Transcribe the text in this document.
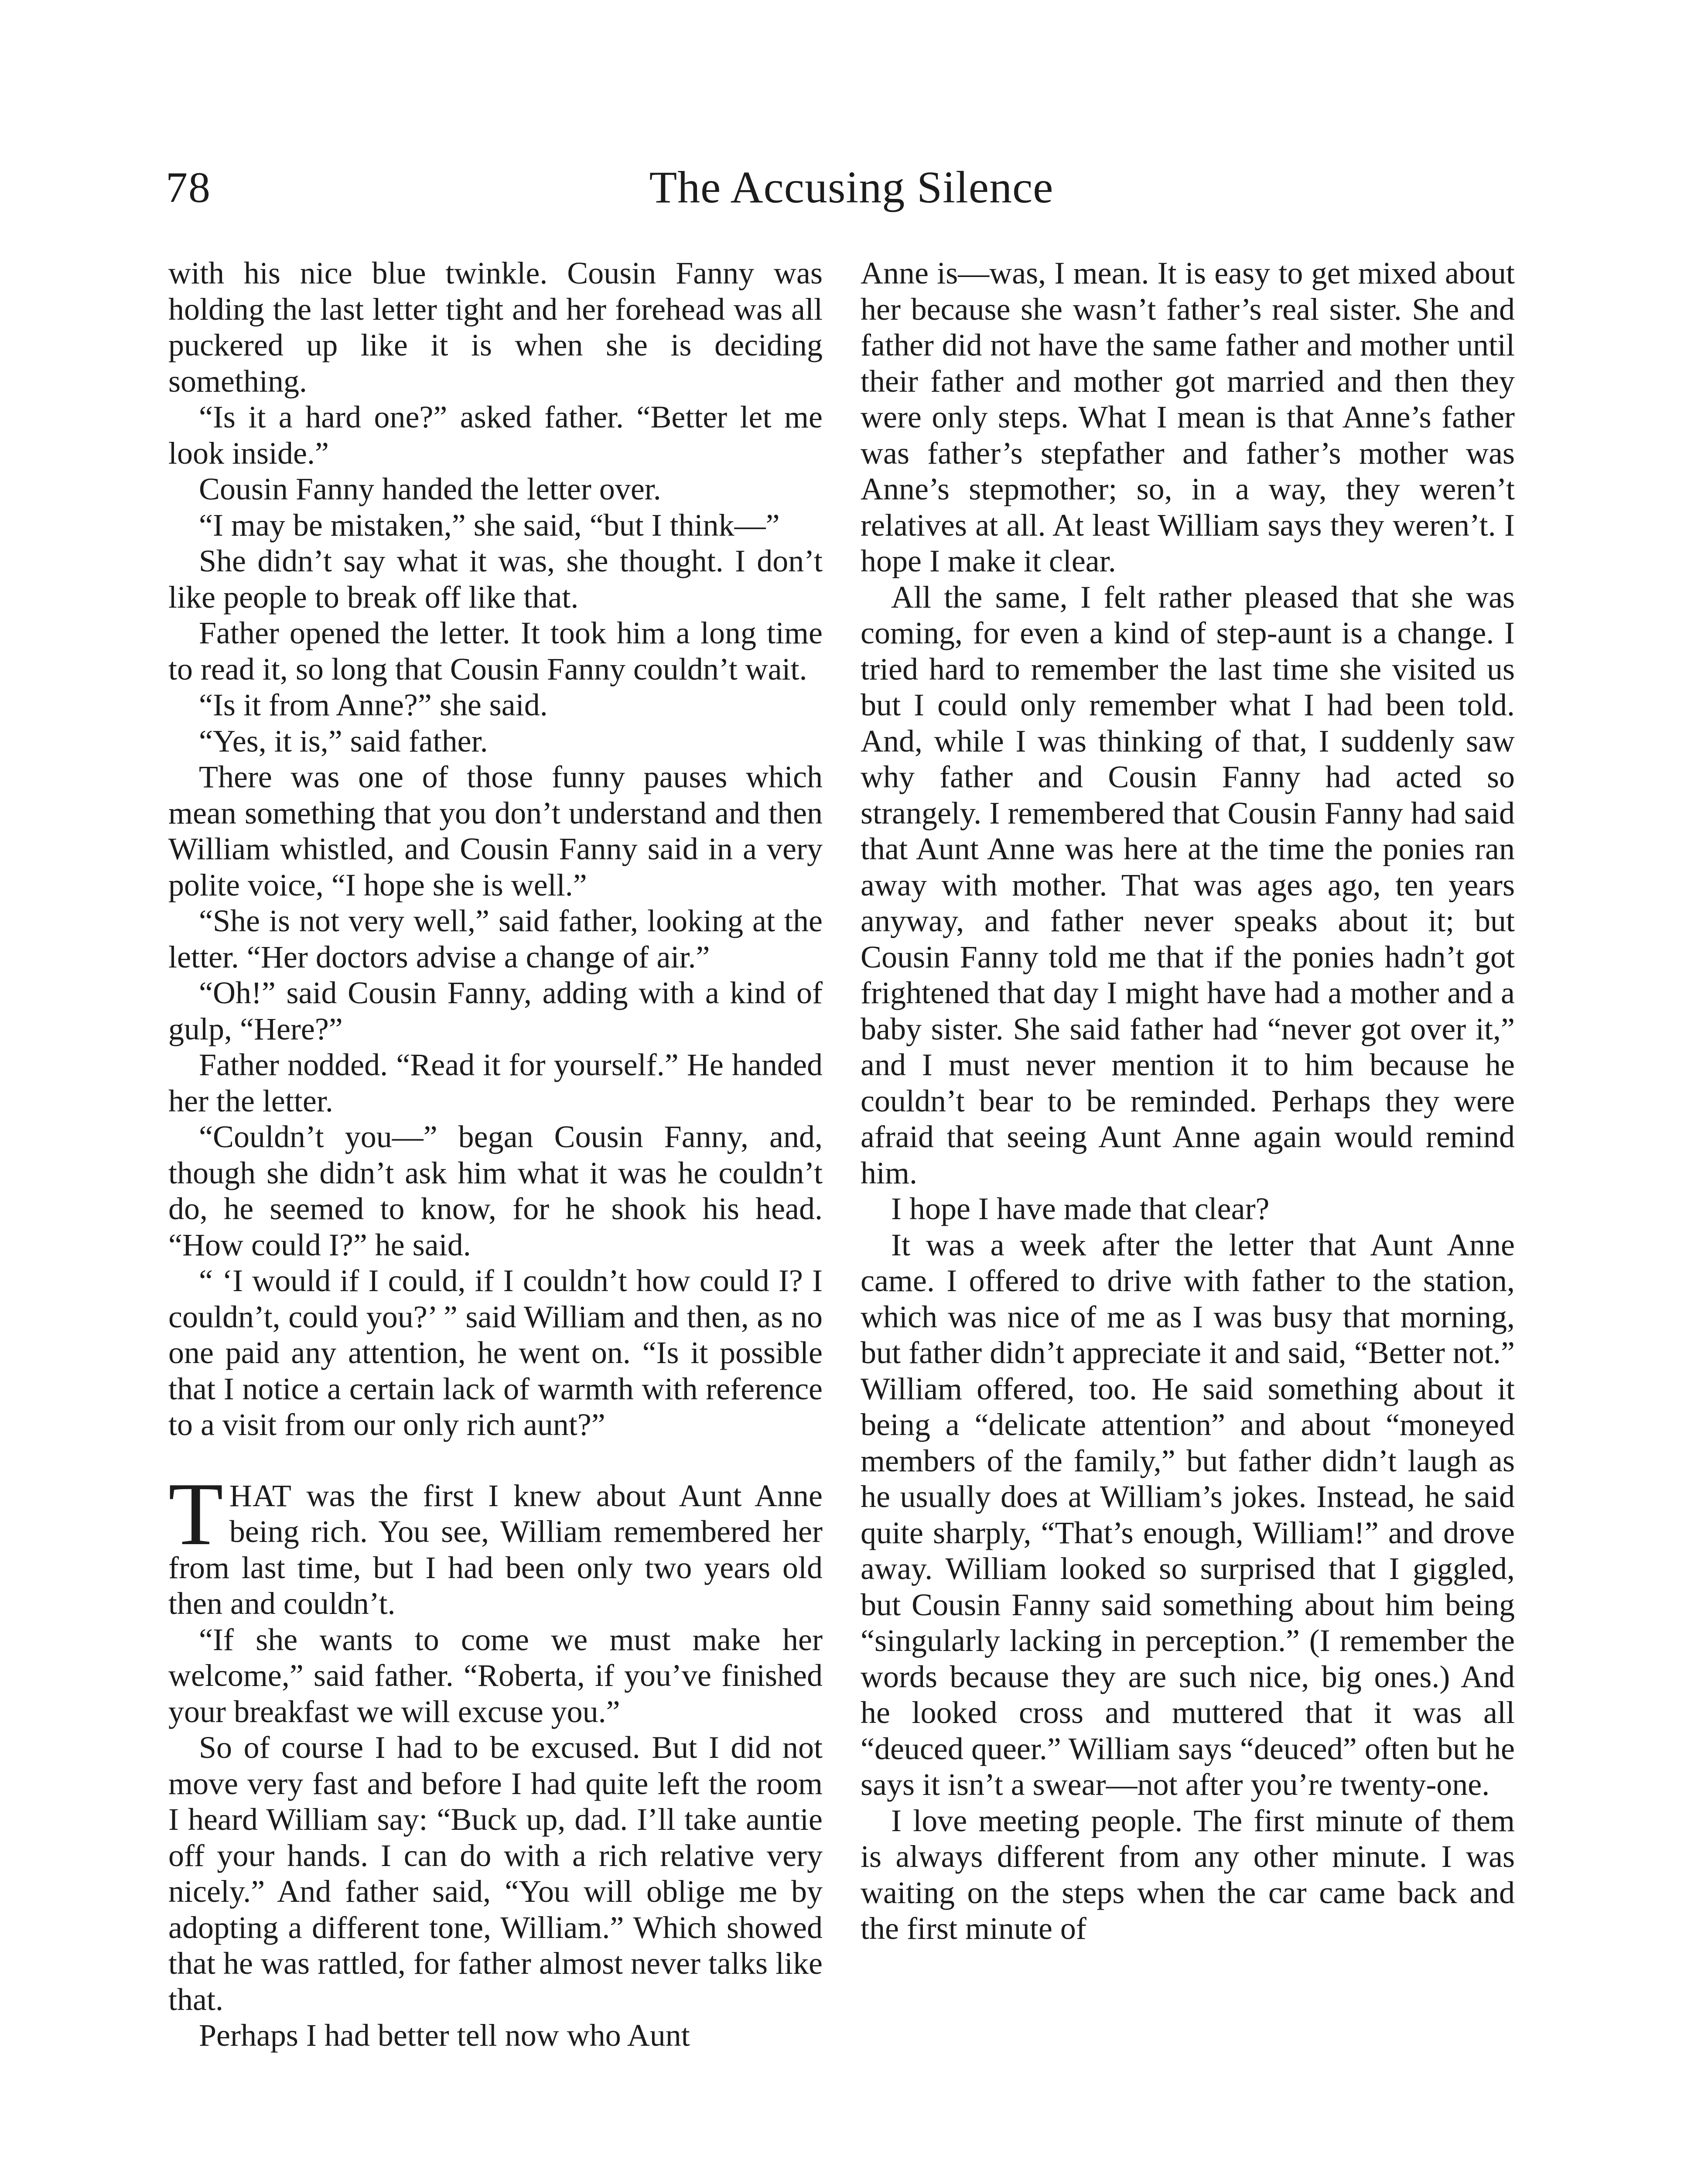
78	The Accusing Silence

with his nice blue twinkle. Cousin Fanny was holding the last letter tight and her forehead was all puckered up like it is when she is deciding something.

“Is it a hard one?” asked father. “Better let me look inside.”

Cousin Fanny handed the letter over.

“I may be mistaken,” she said, “but I think—”

She didn’t say what it was, she thought. I don’t like people to break off like that.

Father opened the letter. It took him a long time to read it, so long that Cousin Fanny couldn’t wait.

“Is it from Anne?” she said.

“Yes, it is,” said father.

There was one of those funny pauses which mean something that you don’t understand and then William whistled, and Cousin Fanny said in a very polite voice, “I hope she is well.”

“She is not very well,” said father, looking at the letter. “Her doctors advise a change of air.”

“Oh!” said Cousin Fanny, adding with a kind of gulp, “Here?”

Father nodded. “Read it for yourself.” He handed her the letter.

“Couldn’t you—” began Cousin Fanny, and, though she didn’t ask him what it was he couldn’t do, he seemed to know, for he shook his head. “How could I?” he said.

“ ‘I would if I could, if I couldn’t how could I? I couldn’t, could you?’ ” said William and then, as no one paid any attention, he went on. “Is it possible that I notice a certain lack of warmth with reference to a visit from our only rich aunt?”

THAT was the first I knew about Aunt Anne being rich. You see, William remembered her from last time, but I had been only two years old then and couldn’t.

“If she wants to come we must make her welcome,” said father. “Roberta, if you’ve finished your breakfast we will excuse you.”

So of course I had to be excused. But I did not move very fast and before I had quite left the room I heard William say: “Buck up, dad. I’ll take auntie off your hands. I can do with a rich relative very nicely.” And father said, “You will oblige me by adopting a different tone, William.” Which showed that he was rattled, for father almost never talks like that.

Perhaps I had better tell now who Aunt

Anne is—was, I mean. It is easy to get mixed about her because she wasn’t father’s real sister. She and father did not have the same father and mother until their father and mother got married and then they were only steps. What I mean is that Anne’s father was father’s stepfather and father’s mother was Anne’s stepmother; so, in a way, they weren’t relatives at all. At least William says they weren’t. I hope I make it clear.

All the same, I felt rather pleased that she was coming, for even a kind of step-aunt is a change. I tried hard to remember the last time she visited us but I could only remember what I had been told. And, while I was thinking of that, I suddenly saw why father and Cousin Fanny had acted so strangely. I remembered that Cousin Fanny had said that Aunt Anne was here at the time the ponies ran away with mother. That was ages ago, ten years anyway, and father never speaks about it; but Cousin Fanny told me that if the ponies hadn’t got frightened that day I might have had a mother and a baby sister. She said father had “never got over it,” and I must never mention it to him because he couldn’t bear to be reminded. Perhaps they were afraid that seeing Aunt Anne again would remind him.

I hope I have made that clear?

It was a week after the letter that Aunt Anne came. I offered to drive with father to the station, which was nice of me as I was busy that morning, but father didn’t appreciate it and said, “Better not.” William offered, too. He said something about it being a “delicate attention” and about “moneyed members of the family,” but father didn’t laugh as he usually does at William’s jokes. Instead, he said quite sharply, “That’s enough, William!” and drove away. William looked so surprised that I giggled, but Cousin Fanny said something about him being “singularly lacking in perception.” (I remember the words because they are such nice, big ones.) And he looked cross and muttered that it was all “deuced queer.” William says “deuced” often but he says it isn’t a swear—not after you’re twenty-one.

I love meeting people. The first minute of them is always different from any other minute. I was waiting on the steps when the car came back and the first minute of
